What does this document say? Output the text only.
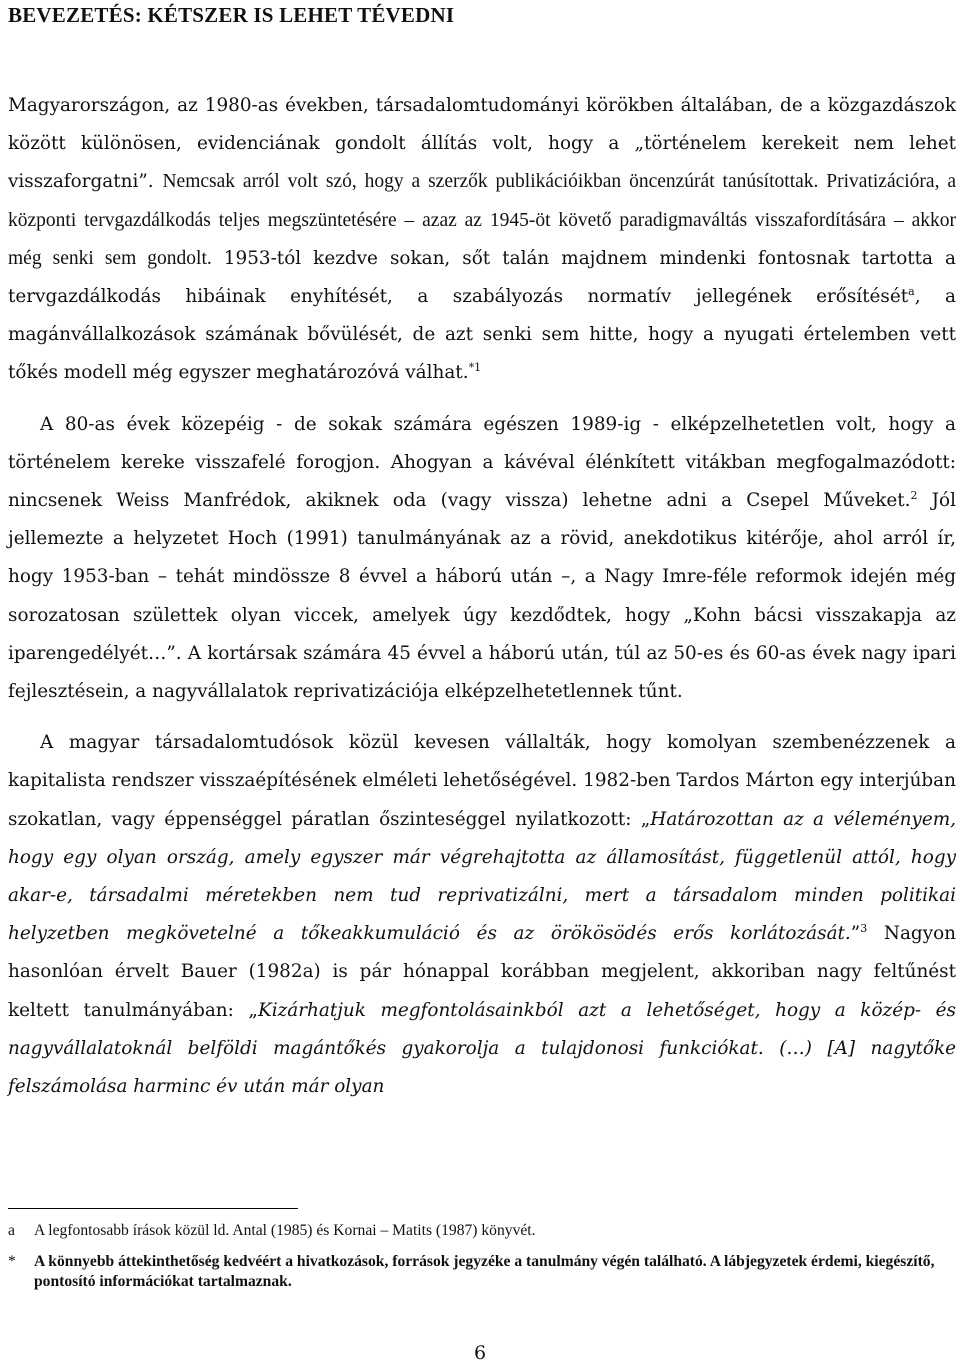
BEVEZETÉS: KÉTSZER IS LEHET TÉVEDNI

Magyarországon, az 1980-as években, társadalomtudományi körökben általában, de a közgazdászok között különösen, evidenciának gondolt állítás volt, hogy a „történelem kerekeit nem lehet visszaforgatni”. Nemcsak arról volt szó, hogy a szerzők publikációikban öncenzúrát tanúsítottak. Privatizációra, a központi tervgazdálkodás teljes megszüntetésére – azaz az 1945-öt követő paradigmaváltás visszafordítására – akkor még senki sem gondolt. 1953-tól kezdve sokan, sőt talán majdnem mindenki fontosnak tartotta a tervgazdálkodás hibáinak enyhítését, a szabályozás normatív jellegének erősítését$^a$, a magánvállalkozások számának bővülését, de azt senki sem hitte, hogy a nyugati értelemben vett tőkés modell még egyszer meghatározóvá válhat.$^{*1}$

A 80-as évek közepéig - de sokak számára egészen 1989-ig - elképzelhetetlen volt, hogy a történelem kereke visszafelé forogjon. Ahogyan a kávéval élénkített vitákban megfogalmazódott: nincsenek Weiss Manfrédok, akiknek oda (vagy vissza) lehetne adni a Csepel Műveket.$^2$ Jól jellemezte a helyzetet Hoch (1991) tanulmányának az a rövid, anekdotikus kitérője, ahol arról ír, hogy 1953-ban – tehát mindössze 8 évvel a háború után –, a Nagy Imre-féle reformok idején még sorozatosan születtek olyan viccek, amelyek úgy kezdődtek, hogy „Kohn bácsi visszakapja az iparengedélyét…”. A kortársak számára 45 évvel a háború után, túl az 50-es és 60-as évek nagy ipari fejlesztésein, a nagyvállalatok reprivatizációja elképzelhetetlennek tűnt.

A magyar társadalomtudósok közül kevesen vállalták, hogy komolyan szembenézzenek a kapitalista rendszer visszaépítésének elméleti lehetőségével. 1982-ben Tardos Márton egy interjúban szokatlan, vagy éppenséggel páratlan őszinteséggel nyilatkozott: „Határozottan az a véleményem, hogy egy olyan ország, amely egyszer már végrehajtotta az államosítást, függetlenül attól, hogy akar-e, társadalmi méretekben nem tud reprivatizálni, mert a társadalom minden politikai helyzetben megkövetelné a tőkeakkumuláció és az örökösödés erős korlátozását.”$^3$ Nagyon hasonlóan érvelt Bauer (1982a) is pár hónappal korábban megjelent, akkoriban nagy feltűnést keltett tanulmányában: „Kizárhatjuk megfontolásainkból azt a lehetőséget, hogy a közép- és nagyvállalatoknál belföldi magántőkés gyakorolja a tulajdonosi funkciókat. (…) [A] nagytőke felszámolása harminc év után már olyan

a A legfontosabb írások közül ld. Antal (1985) és Kornai – Matits (1987) könyvét.
*	A könnyebb áttekinthetőség kedvéért a hivatkozások, források jegyzéke a tanulmány végén található. A lábjegyzetek érdemi, kiegészítő, pontosító információkat tartalmaznak.
6
